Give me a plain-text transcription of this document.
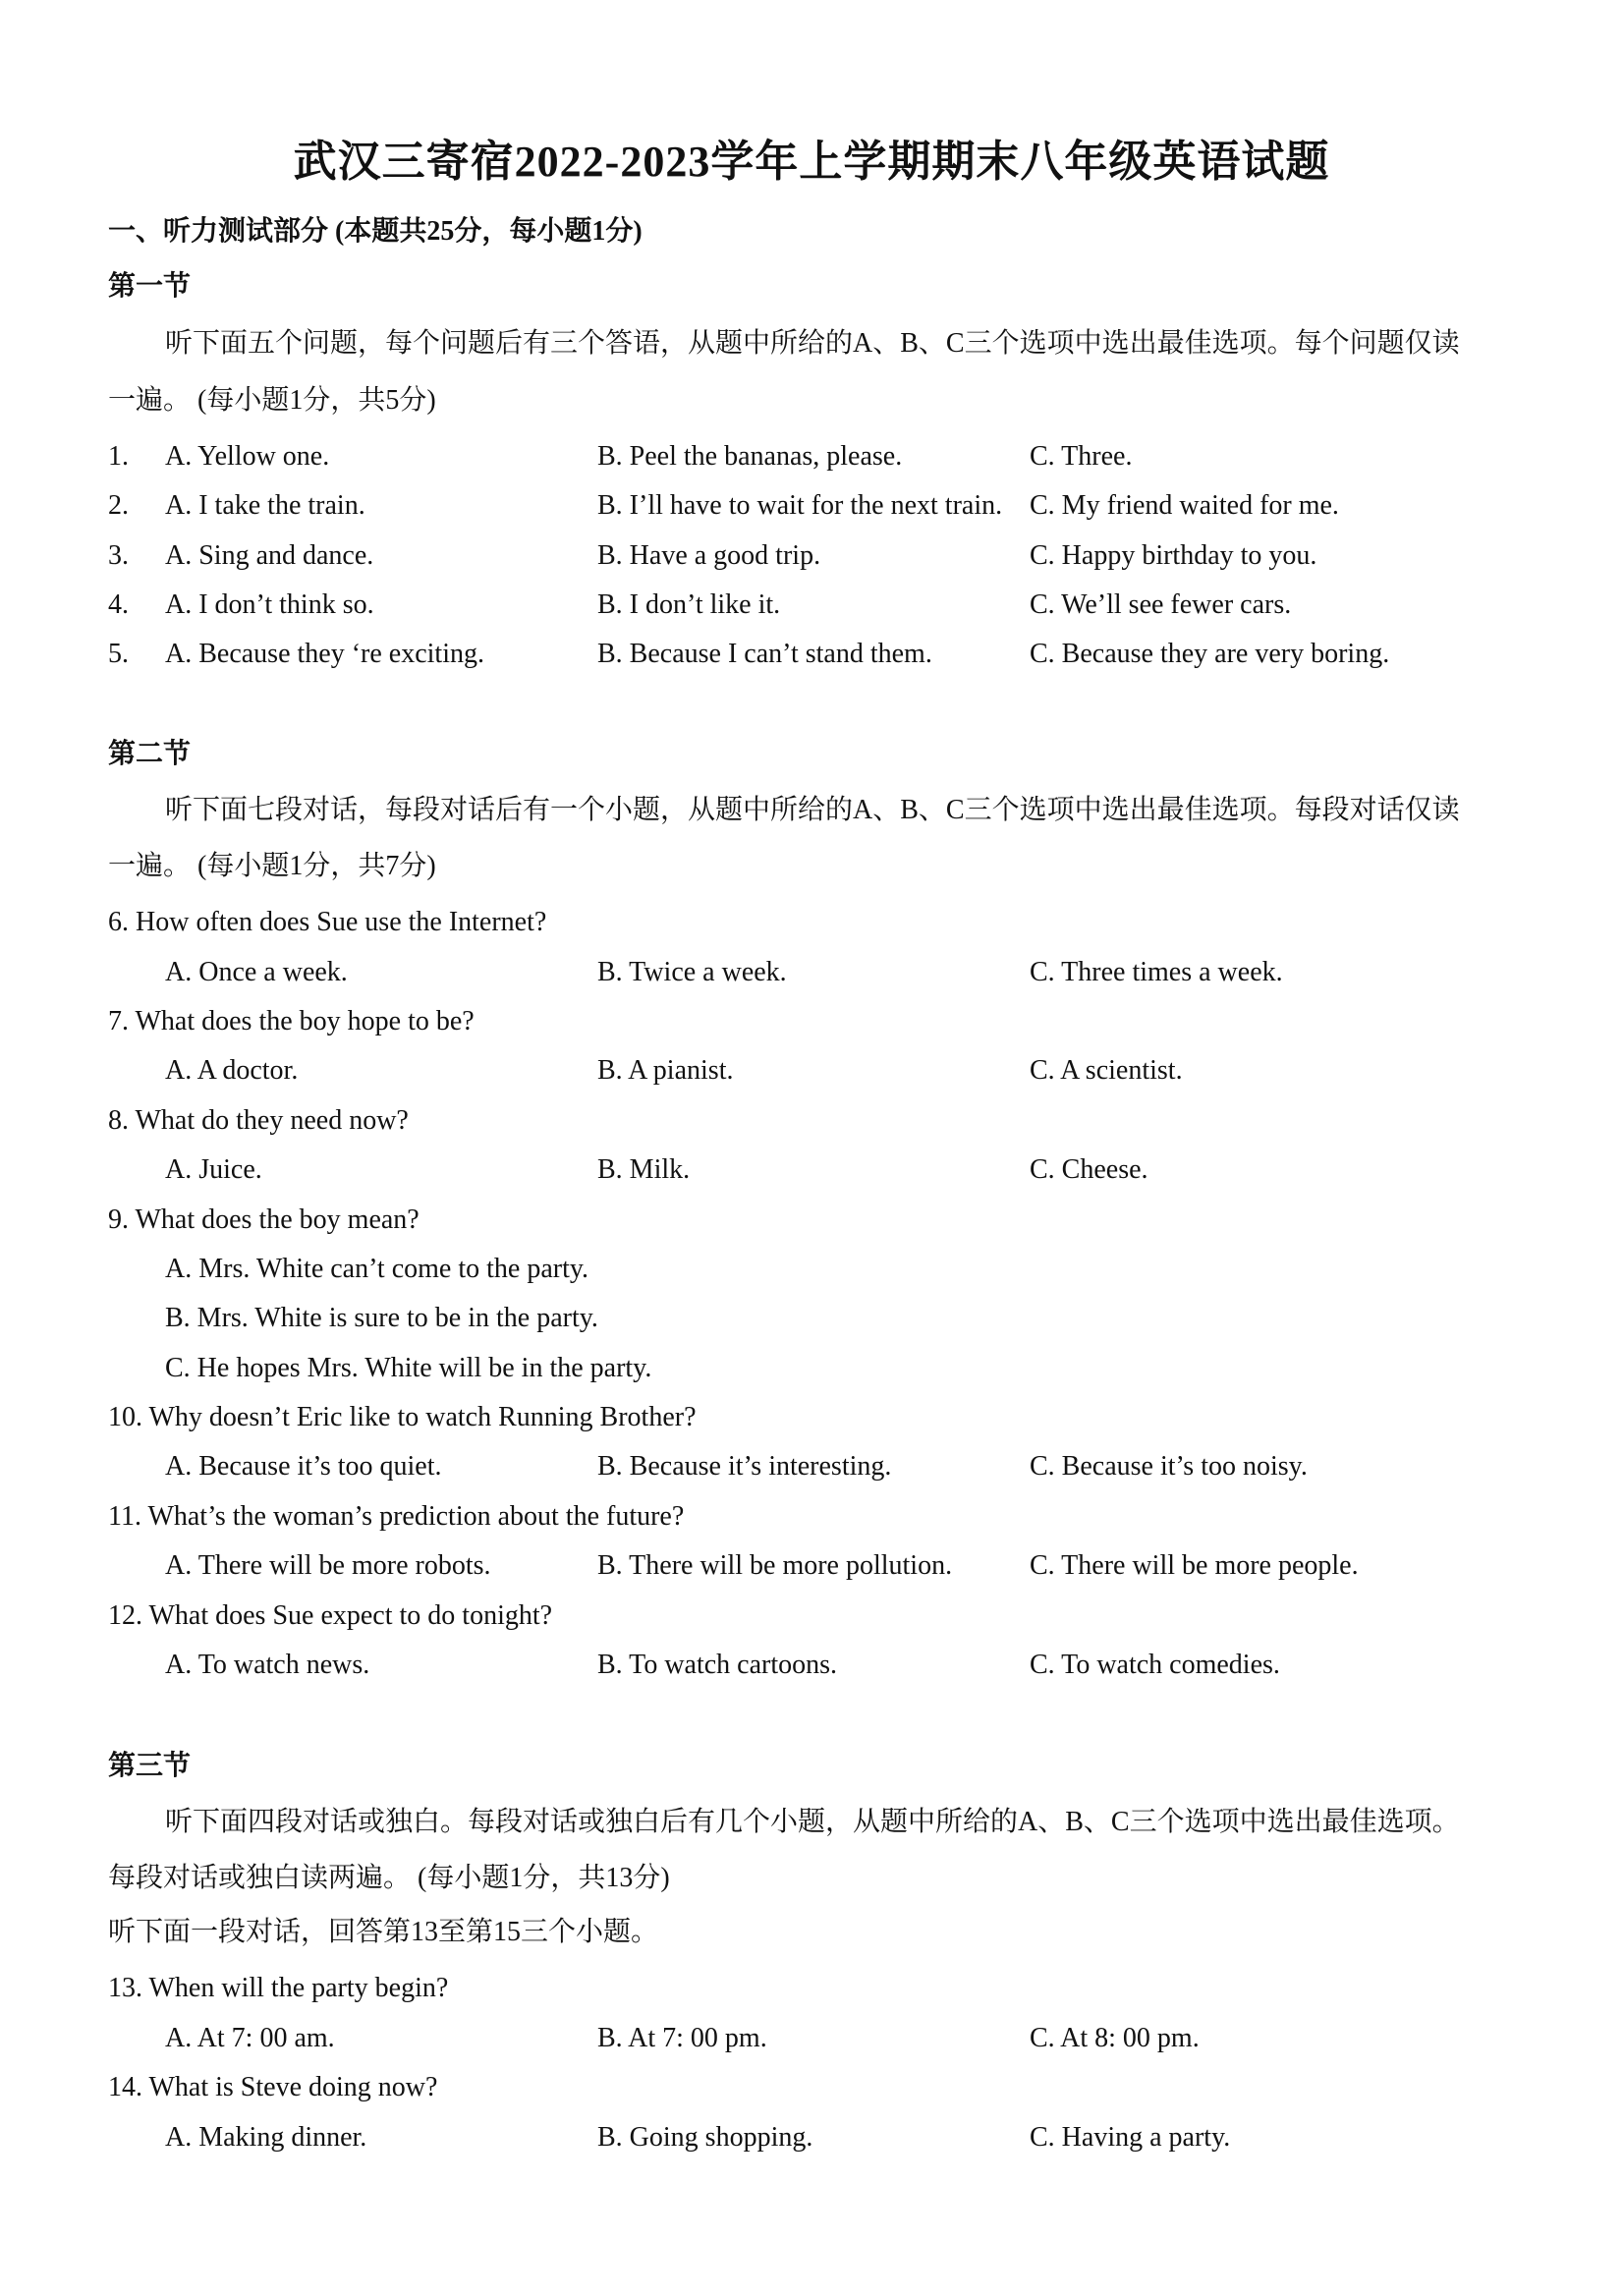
武汉三寄宿2022-2023学年上学期期末八年级英语试题
一、听力测试部分 (本题共25分，每小题1分)
第一节
听下面五个问题，每个问题后有三个答语，从题中所给的A、B、C三个选项中选出最佳选项。每个问题仅读
一遍。 (每小题1分，共5分)
1. A. Yellow one.	B. Peel the bananas, please.	C. Three.
2. A. I take the train.	B. I’ll have to wait for the next train. C. My friend waited for me.
3. A. Sing and dance.	B. Have a good trip.	C. Happy birthday to you.
4. A. I don’t think so.	B. I don’t like it.	C. We’ll see fewer cars.
5. A. Because they ‘re exciting.	B. Because I can’t stand them.	C. Because they are very boring.
第二节
听下面七段对话，每段对话后有一个小题，从题中所给的A、B、C三个选项中选出最佳选项。每段对话仅读
一遍。 (每小题1分，共7分)
6. How often does Sue use the Internet?
A. Once a week.	B. Twice a week.	C. Three times a week.
7. What does the boy hope to be?
A. A doctor.	B. A pianist.	C. A scientist.
8. What do they need now?
A. Juice.	B. Milk.	C. Cheese.
9. What does the boy mean?
A. Mrs. White can’t come to the party.
B. Mrs. White is sure to be in the party.
C. He hopes Mrs. White will be in the party.
10. Why doesn’t Eric like to watch Running Brother?
A. Because it’s too quiet.	B. Because it’s interesting.	C. Because it’s too noisy.
11. What’s the woman’s prediction about the future?
A. There will be more robots.	B. There will be more pollution.	C. There will be more people.
12. What does Sue expect to do tonight?
A. To watch news.	B. To watch cartoons.	C. To watch comedies.
第三节
听下面四段对话或独白。每段对话或独白后有几个小题，从题中所给的A、B、C三个选项中选出最佳选项。
每段对话或独白读两遍。 (每小题1分，共13分)
听下面一段对话，回答第13至第15三个小题。
13. When will the party begin?
A. At 7: 00 am.	B. At 7: 00 pm.	C. At 8: 00 pm.
14. What is Steve doing now?
A. Making dinner.	B. Going shopping.	C. Having a party.
